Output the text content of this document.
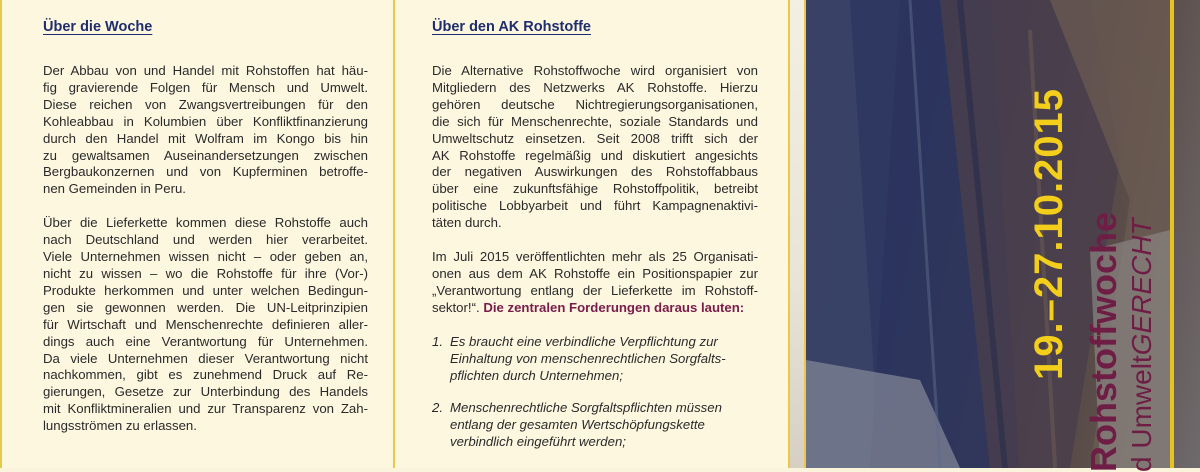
Über die Woche

Der Abbau von und Handel mit Rohstoffen hat häu-
fig gravierende Folgen für Mensch und Umwelt.
Diese reichen von Zwangsvertreibungen für den
Kohleabbau in Kolumbien über Konfliktfinanzierung
durch den Handel mit Wolfram im Kongo bis hin
zu gewaltsamen Auseinandersetzungen zwischen
Bergbaukonzernen und von Kupferminen betroffe-
nen Gemeinden in Peru.

Über die Lieferkette kommen diese Rohstoffe auch
nach Deutschland und werden hier verarbeitet.
Viele Unternehmen wissen nicht – oder geben an,
nicht zu wissen – wo die Rohstoffe für ihre (Vor-)
Produkte herkommen und unter welchen Bedingun-
gen sie gewonnen werden. Die UN-Leitprinzipien
für Wirtschaft und Menschenrechte definieren aller-
dings auch eine Verantwortung für Unternehmen.
Da viele Unternehmen dieser Verantwortung nicht
nachkommen, gibt es zunehmend Druck auf Re-
gierungen, Gesetze zur Unterbindung des Handels
mit Konfliktmineralien und zur Transparenz von Zah-
lungsströmen zu erlassen.

Über den AK Rohstoffe

Die Alternative Rohstoffwoche wird organisiert von
Mitgliedern des Netzwerks AK Rohstoffe. Hierzu
gehören deutsche Nichtregierungsorganisationen,
die sich für Menschenrechte, soziale Standards und
Umweltschutz einsetzen. Seit 2008 trifft sich der
AK Rohstoffe regelmäßig und diskutiert angesichts
der negativen Auswirkungen des Rohstoffabbaus
über eine zukunftsfähige Rohstoffpolitik, betreibt
politische Lobbyarbeit und führt Kampagnenaktivi-
täten durch.

Im Juli 2015 veröffentlichten mehr als 25 Organisati-
onen aus dem AK Rohstoffe ein Positionspapier zur
„Verantwortung entlang der Lieferkette im Rohstoff-
sektor!“. Die zentralen Forderungen daraus lauten:

1. Es braucht eine verbindliche Verpflichtung zur
Einhaltung von menschenrechtlichen Sorgfalts-
pflichten durch Unternehmen;
2. Menschenrechtliche Sorgfaltspflichten müssen
entlang der gesamten Wertschöpfungskette
verbindlich eingeführt werden;
19.–27.10.2015 Rohstoffwoche d UmweltGERECHT
